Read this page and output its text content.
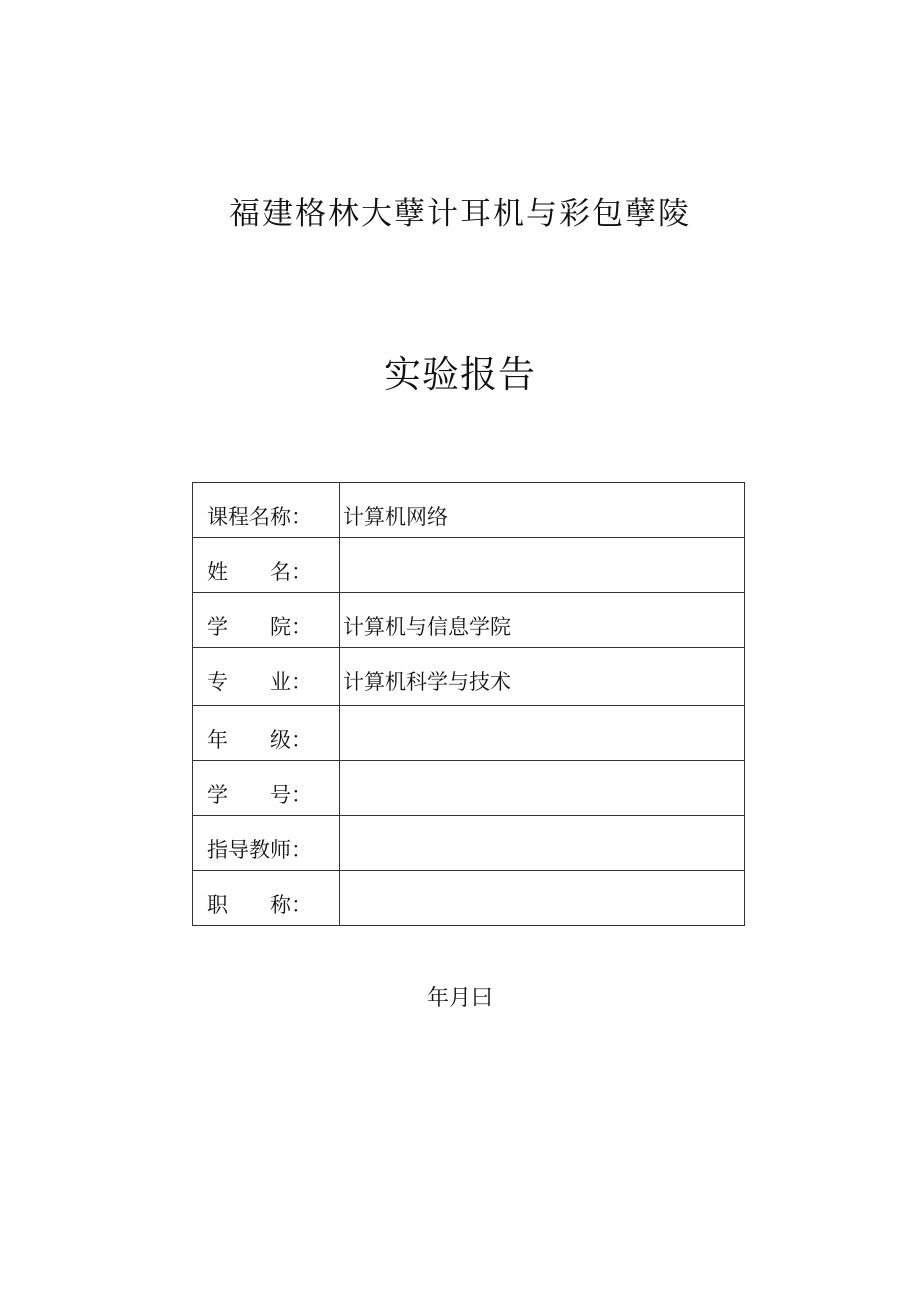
福建格林大孽计耳机与彩包孽陵
实验报告
课程名称：	计算机网络
姓　　名：	
学　　院：	计算机与信息学院
专　　业：	计算机科学与技术
年　　级：	
学　　号：	
指导教师：	
职　　称：	
年月曰
